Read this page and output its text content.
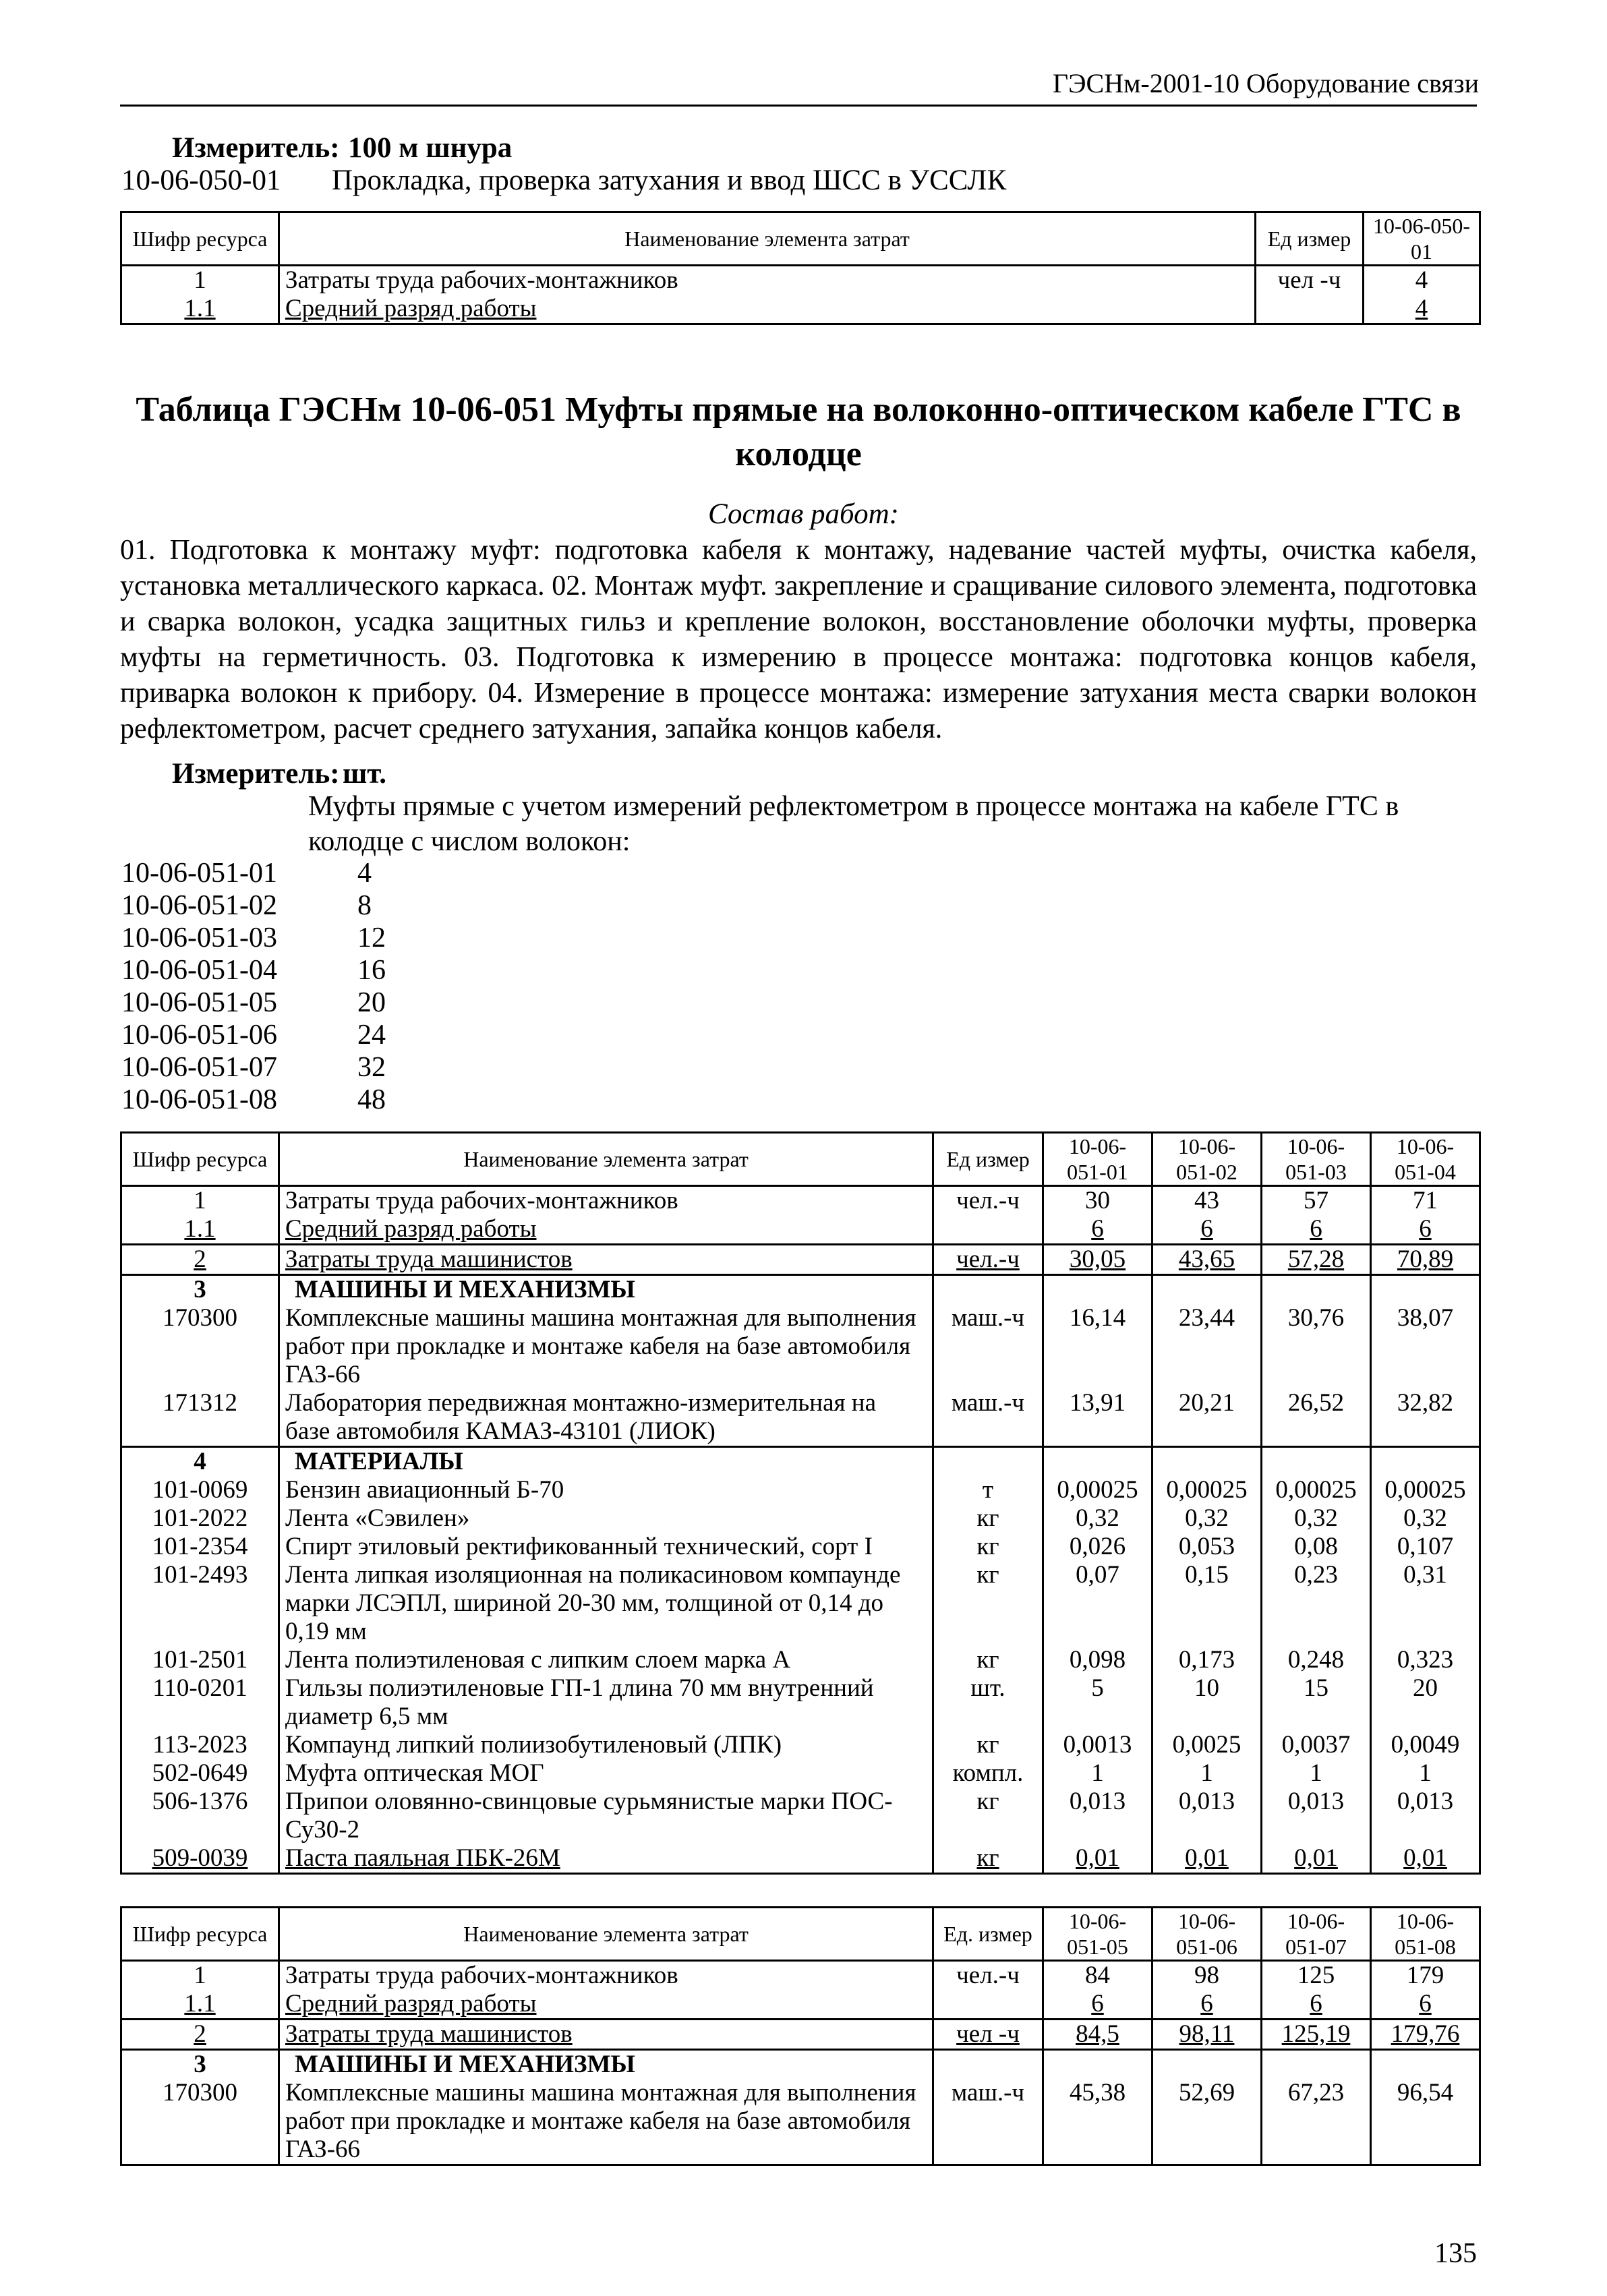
ГЭСНм-2001-10 Оборудование связи
Измеритель: 100 м шнура
10-06-050-01 Прокладка, проверка затухания и ввод ШСС в УССЛК
Шифр ресурса	Наименование элемента затрат	Ед измер	10-06-050-01
1	Затраты труда рабочих-монтажников	чел -ч	4
1.1	Средний разряд работы		4
Таблица ГЭСНм 10-06-051 Муфты прямые на волоконно-оптическом кабеле ГТС в колодце
Состав работ:
01. Подготовка к монтажу муфт: подготовка кабеля к монтажу, надевание частей муфты, очистка кабеля, установка металлического каркаса. 02. Монтаж муфт. закрепление и сращивание силового элемента, подготовка и сварка волокон, усадка защитных гильз и крепление волокон, восстановление оболочки муфты, проверка муфты на герметичность. 03. Подготовка к измерению в процессе монтажа: подготовка концов кабеля, приварка волокон к прибору. 04. Измерение в процессе монтажа: измерение затухания места сварки волокон рефлектометром, расчет среднего затухания, запайка концов кабеля.
Измеритель: шт.
Муфты прямые с учетом измерений рефлектометром в процессе монтажа на кабеле ГТС в колодце с числом волокон:
10-06-051-01	4
10-06-051-02	8
10-06-051-03	12
10-06-051-04	16
10-06-051-05	20
10-06-051-06	24
10-06-051-07	32
10-06-051-08	48
Шифр ресурса	Наименование элемента затрат	Ед измер	10-06-051-01	10-06-051-02	10-06-051-03	10-06-051-04
1	Затраты труда рабочих-монтажников	чел.-ч	30	43	57	71
1.1	Средний разряд работы		6	6	6	6
2	Затраты труда машинистов	чел.-ч	30,05	43,65	57,28	70,89
3	МАШИНЫ И МЕХАНИЗМЫ					
170300	Комплексные машины машина монтажная для выполнения работ при прокладке и монтаже кабеля на базе автомобиля ГАЗ-66	маш.-ч	16,14	23,44	30,76	38,07
171312	Лаборатория передвижная монтажно-измерительная на базе автомобиля КАМАЗ-43101 (ЛИОК)	маш.-ч	13,91	20,21	26,52	32,82
4	МАТЕРИАЛЫ					
101-0069	Бензин авиационный Б-70	т	0,00025	0,00025	0,00025	0,00025
101-2022	Лента «Сэвилен»	кг	0,32	0,32	0,32	0,32
101-2354	Спирт этиловый ректификованный технический, сорт I	кг	0,026	0,053	0,08	0,107
101-2493	Лента липкая изоляционная на поликасиновом компаунде марки ЛСЭПЛ, шириной 20-30 мм, толщиной от 0,14 до 0,19 мм	кг	0,07	0,15	0,23	0,31
101-2501	Лента полиэтиленовая с липким слоем марка А	кг	0,098	0,173	0,248	0,323
110-0201	Гильзы полиэтиленовые ГП-1 длина 70 мм внутренний диаметр 6,5 мм	шт.	5	10	15	20
113-2023	Компаунд липкий полиизобутиленовый (ЛПК)	кг	0,0013	0,0025	0,0037	0,0049
502-0649	Муфта оптическая МОГ	компл.	1	1	1	1
506-1376	Припои оловянно-свинцовые сурьмянистые марки ПОС-Су30-2	кг	0,013	0,013	0,013	0,013
509-0039	Паста паяльная ПБК-26М	кг	0,01	0,01	0,01	0,01
Шифр ресурса	Наименование элемента затрат	Ед. измер	10-06-051-05	10-06-051-06	10-06-051-07	10-06-051-08
1	Затраты труда рабочих-монтажников	чел.-ч	84	98	125	179
1.1	Средний разряд работы		6	6	6	6
2	Затраты труда машинистов	чел -ч	84,5	98,11	125,19	179,76
3	МАШИНЫ И МЕХАНИЗМЫ					
170300	Комплексные машины машина монтажная для выполнения работ при прокладке и монтаже кабеля на базе автомобиля ГАЗ-66	маш.-ч	45,38	52,69	67,23	96,54
135
